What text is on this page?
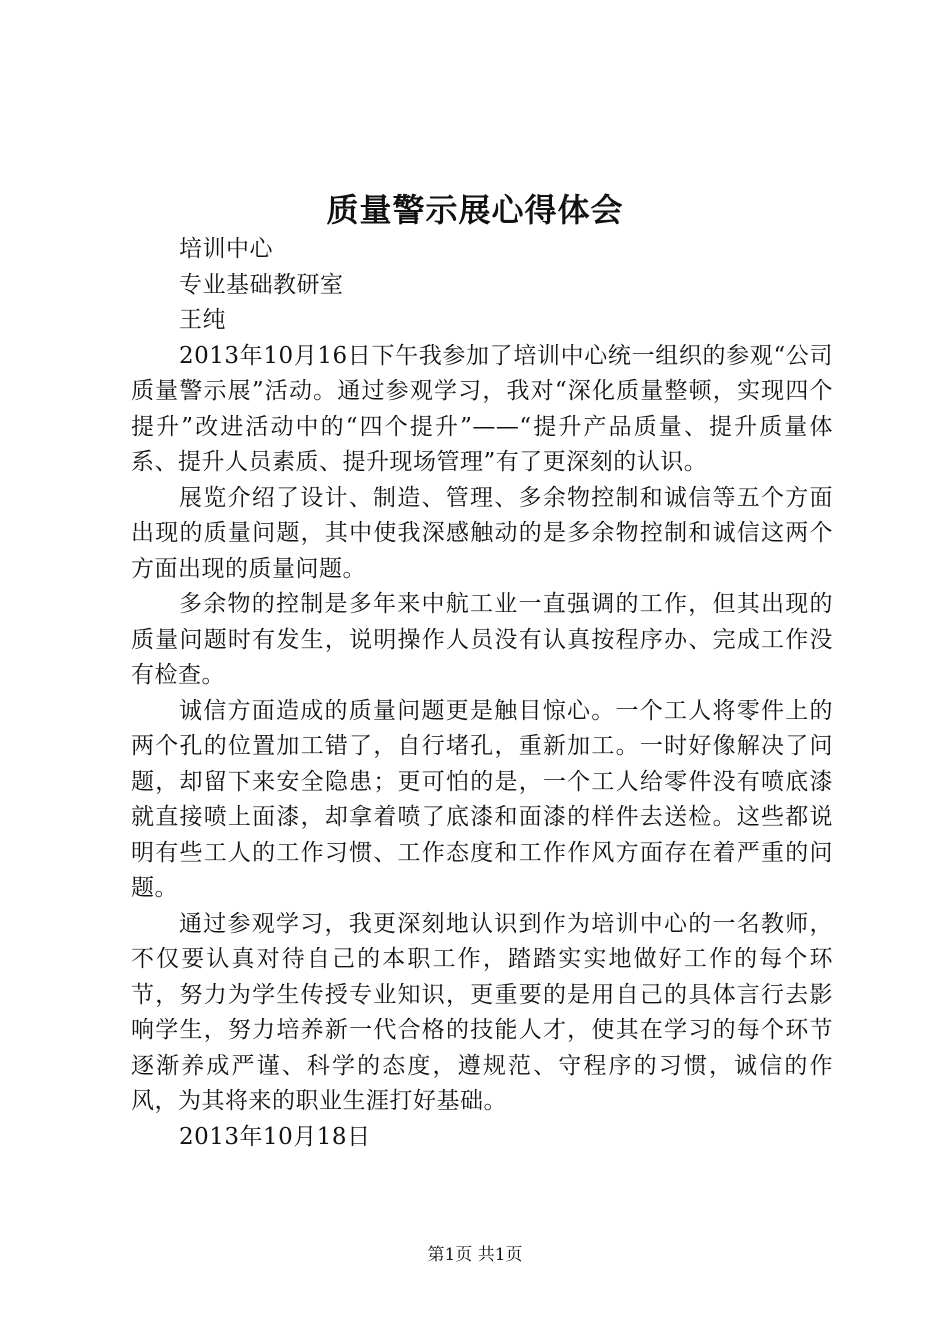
质量警示展心得体会

培训中心

专业基础教研室

王纯

2013年10月16日下午我参加了培训中心统一组织的参观“公司质量警示展”活动。通过参观学习，我对“深化质量整顿，实现四个提升”改进活动中的“四个提升”——“提升产品质量、提升质量体系、提升人员素质、提升现场管理”有了更深刻的认识。

展览介绍了设计、制造、管理、多余物控制和诚信等五个方面出现的质量问题，其中使我深感触动的是多余物控制和诚信这两个方面出现的质量问题。

多余物的控制是多年来中航工业一直强调的工作，但其出现的质量问题时有发生，说明操作人员没有认真按程序办、完成工作没有检查。

诚信方面造成的质量问题更是触目惊心。一个工人将零件上的两个孔的位置加工错了，自行堵孔，重新加工。一时好像解决了问题，却留下来安全隐患；更可怕的是，一个工人给零件没有喷底漆就直接喷上面漆，却拿着喷了底漆和面漆的样件去送检。这些都说明有些工人的工作习惯、工作态度和工作作风方面存在着严重的问题。

通过参观学习，我更深刻地认识到作为培训中心的一名教师，不仅要认真对待自己的本职工作，踏踏实实地做好工作的每个环节，努力为学生传授专业知识，更重要的是用自己的具体言行去影响学生，努力培养新一代合格的技能人才，使其在学习的每个环节逐渐养成严谨、科学的态度，遵规范、守程序的习惯，诚信的作风，为其将来的职业生涯打好基础。

2013年10月18日

第1页 共1页
